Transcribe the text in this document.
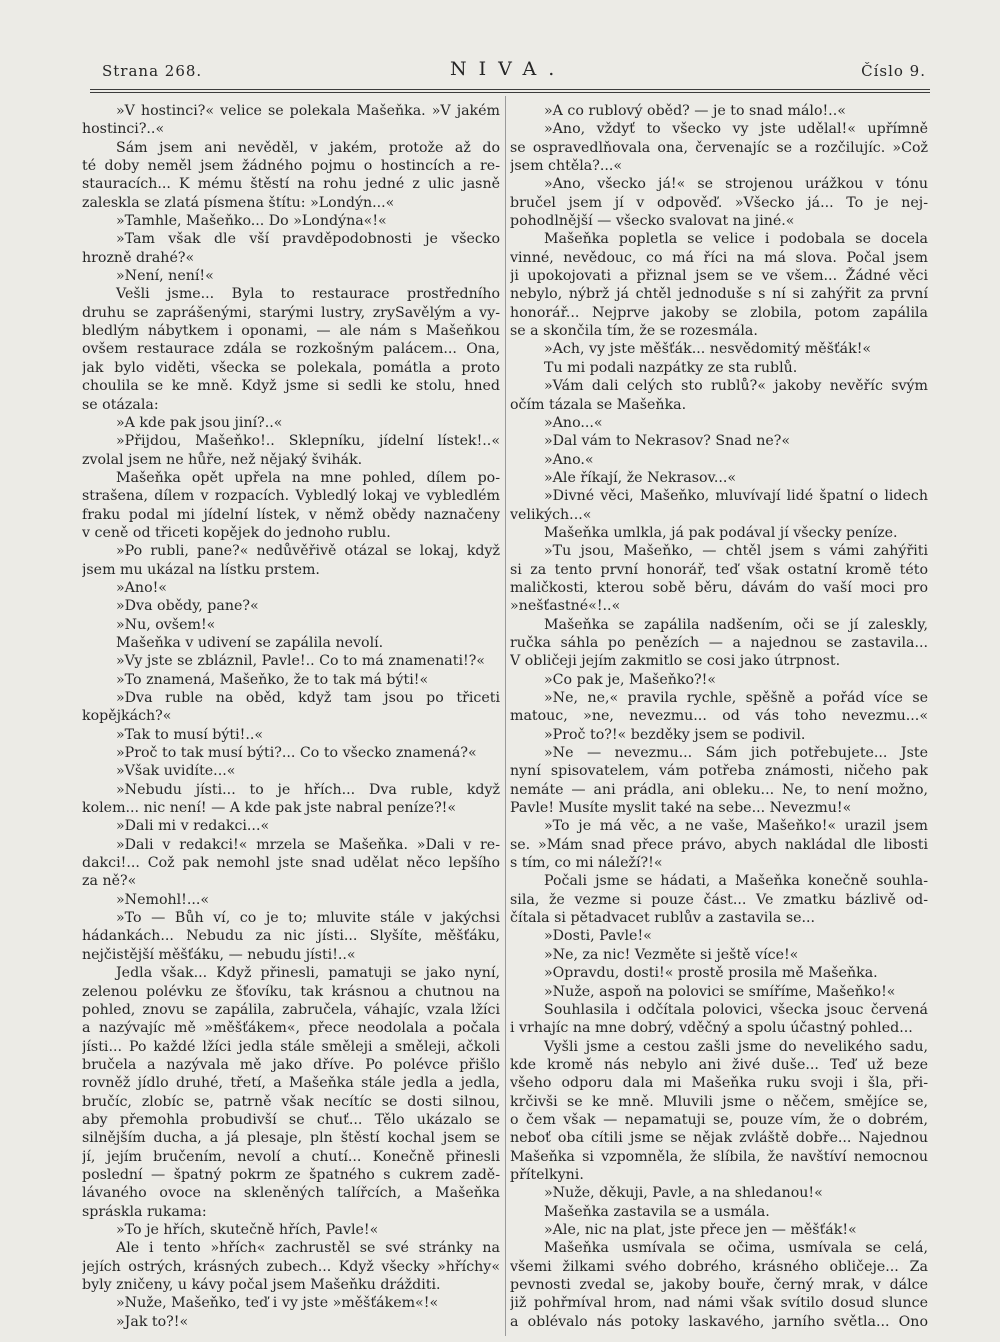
Strana 268.	NIVA.	Číslo 9.
»V hostinci?« velice se polekala Mašeňka. »V jakém
hostinci?..«
Sám jsem ani nevěděl, v jakém, protože až do
té doby neměl jsem žádného pojmu o hostincích a re-
stauracích... K mému štěstí na rohu jedné z ulic jasně
zaleskla se zlatá písmena štítu: »Londýn...«
»Tamhle, Mašeňko... Do »Londýna«!«
»Tam však dle vší pravděpodobnosti je všecko
hrozně drahé?«
»Není, není!«
Vešli jsme... Byla to restaurace prostředního
druhu se zaprášenými, starými lustry, zrySavělým a vy-
bledlým nábytkem i oponami, — ale nám s Mašeňkou
ovšem restaurace zdála se rozkošným palácem... Ona,
jak bylo viděti, všecka se polekala, pomátla a proto
choulila se ke mně. Když jsme si sedli ke stolu, hned
se otázala:
»A kde pak jsou jiní?..«
»Přijdou, Mašeňko!.. Sklepníku, jídelní lístek!..«
zvolal jsem ne hůře, než nějaký švihák.
Mašeňka opět upřela na mne pohled, dílem po-
strašena, dílem v rozpacích. Vybledlý lokaj ve vybledlém
fraku podal mi jídelní lístek, v němž obědy naznačeny
v ceně od třiceti kopějek do jednoho rublu.
»Po rubli, pane?« nedůvěřivě otázal se lokaj, když
jsem mu ukázal na lístku prstem.
»Ano!«
»Dva obědy, pane?«
»Nu, ovšem!«
Mašeňka v udivení se zapálila nevolí.
»Vy jste se zbláznil, Pavle!.. Co to má znamenati!?«
»To znamená, Mašeňko, že to tak má býti!«
»Dva ruble na oběd, když tam jsou po třiceti
kopějkách?«
»Tak to musí býti!..«
»Proč to tak musí býti?... Co to všecko znamená?«
»Však uvidíte...«
»Nebudu jísti... to je hřích... Dva ruble, když
kolem... nic není! — A kde pak jste nabral peníze?!«
»Dali mi v redakci...«
»Dali v redakci!« mrzela se Mašeňka. »Dali v re-
dakci!... Což pak nemohl jste snad udělat něco lepšího
za ně?«
»Nemohl!...«
»To — Bůh ví, co je to; mluvite stále v jakýchsi
hádankách... Nebudu za nic jísti... Slyšíte, měšťáku,
nejčistější měšťáku, — nebudu jísti!..«
Jedla však... Když přinesli, pamatuji se jako nyní,
zelenou polévku ze šťovíku, tak krásnou a chutnou na
pohled, znovu se zapálila, zabručela, váhajíc, vzala lžíci
a nazývajíc mě »měšťákem«, přece neodolala a počala
jísti... Po každé lžíci jedla stále směleji a směleji, ačkoli
bručela a nazývala mě jako dříve. Po polévce přišlo
rovněž jídlo druhé, třetí, a Mašeňka stále jedla a jedla,
bručíc, zlobíc se, patrně však necítíc se dosti silnou,
aby přemohla probudivší se chuť... Tělo ukázalo se
silnějším ducha, a já plesaje, pln štěstí kochal jsem se
jí, jejím bručením, nevolí a chutí... Konečně přinesli
poslední — špatný pokrm ze špatného s cukrem zadě-
lávaného ovoce na skleněných talířcích, a Mašeňka
spráskla rukama:
»To je hřích, skutečně hřích, Pavle!«
Ale i tento »hřích« zachrustěl se své stránky na
jejích ostrých, krásných zubech... Když všecky »hříchy«
byly zničeny, u kávy počal jsem Mašeňku drážditi.
»Nuže, Mašeňko, teď i vy jste »měšťákem«!«
»Jak to?!«
»A co rublový oběd? — je to snad málo!..«
»Ano, vždyť to všecko vy jste udělal!« upřímně
se ospravedlňovala ona, červenajíc se a rozčilujíc. »Což
jsem chtěla?...«
»Ano, všecko já!« se strojenou urážkou v tónu
bručel jsem jí v odpověď. »Všecko já... To je nej-
pohodlnější — všecko svalovat na jiné.«
Mašeňka popletla se velice i podobala se docela
vinné, nevědouc, co má říci na má slova. Počal jsem
ji upokojovati a přiznal jsem se ve všem... Žádné věci
nebylo, nýbrž já chtěl jednoduše s ní si zahýřit za první
honorář... Nejprve jakoby se zlobila, potom zapálila
se a skončila tím, že se rozesmála.
»Ach, vy jste měšťák... nesvědomitý měšťák!«
Tu mi podali nazpátky ze sta rublů.
»Vám dali celých sto rublů?« jakoby nevěříc svým
očím tázala se Mašeňka.
»Ano...«
»Dal vám to Nekrasov? Snad ne?«
»Ano.«
»Ale říkají, že Nekrasov...«
»Divné věci, Mašeňko, mluvívají lidé špatní o lidech
velikých...«
Mašeňka umlkla, já pak podával jí všecky peníze.
»Tu jsou, Mašeňko, — chtěl jsem s vámi zahýřiti
si za tento první honorář, teď však ostatní kromě této
maličkosti, kterou sobě běru, dávám do vaší moci pro
»nešťastné«!..«
Mašeňka se zapálila nadšením, oči se jí zaleskly,
ručka sáhla po penězích — a najednou se zastavila...
V obličeji jejím zakmitlo se cosi jako útrpnost.
»Co pak je, Mašeňko?!«
»Ne, ne,« pravila rychle, spěšně a pořád více se
matouc, »ne, nevezmu... od vás toho nevezmu...«
»Proč to?!« bezděky jsem se podivil.
»Ne — nevezmu... Sám jich potřebujete... Jste
nyní spisovatelem, vám potřeba známosti, ničeho pak
nemáte — ani prádla, ani obleku... Ne, to není možno,
Pavle! Musíte myslit také na sebe... Nevezmu!«
»To je má věc, a ne vaše, Mašeňko!« urazil jsem
se. »Mám snad přece právo, abych nakládal dle libosti
s tím, co mi náleží?!«
Počali jsme se hádati, a Mašeňka konečně souhla-
sila, že vezme si pouze část... Ve zmatku bázlivě od-
čítala si pětadvacet rublův a zastavila se...
»Dosti, Pavle!«
»Ne, za nic! Vezměte si ještě více!«
»Opravdu, dosti!« prostě prosila mě Mašeňka.
»Nuže, aspoň na polovici se smíříme, Mašeňko!«
Souhlasila i odčítala polovici, všecka jsouc červená
i vrhajíc na mne dobrý, vděčný a spolu účastný pohled...
Vyšli jsme a cestou zašli jsme do nevelikého sadu,
kde kromě nás nebylo ani živé duše... Teď už beze
všeho odporu dala mi Mašeňka ruku svoji i šla, při-
krčivši se ke mně. Mluvili jsme o něčem, smějíce se,
o čem však — nepamatuji se, pouze vím, že o dobrém,
neboť oba cítili jsme se nějak zvláště dobře... Najednou
Mašeňka si vzpomněla, že slíbila, že navštíví nemocnou
přítelkyni.
»Nuže, děkuji, Pavle, a na shledanou!«
Mašeňka zastavila se a usmála.
»Ale, nic na plat, jste přece jen — měšťák!«
Mašeňka usmívala se očima, usmívala se celá,
všemi žilkami svého dobrého, krásného obličeje... Za
pevnosti zvedal se, jakoby bouře, černý mrak, v dálce
již pohřmíval hrom, nad námi však svítilo dosud slunce
a oblévalo nás potoky laskavého, jarního světla... Ono
